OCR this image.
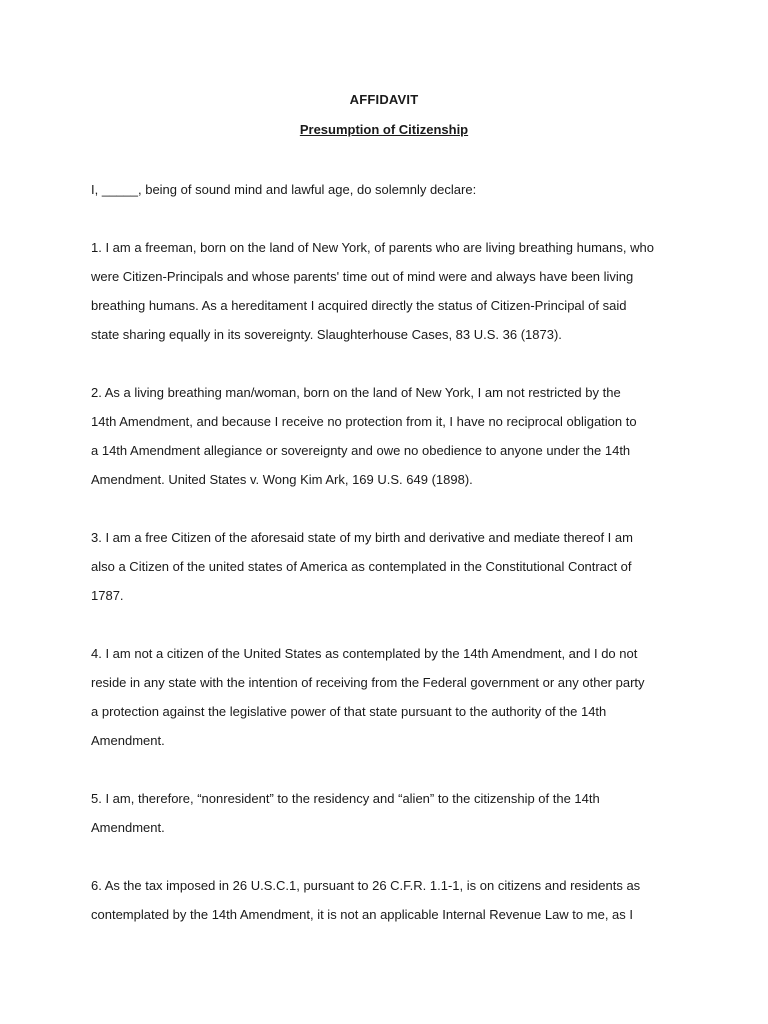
AFFIDAVIT
Presumption of Citizenship

I, _____, being of sound mind and lawful age, do solemnly declare:

1. I am a freeman, born on the land of New York, of parents who are living breathing humans, who
were Citizen-Principals and whose parents' time out of mind were and always have been living
breathing humans. As a hereditament I acquired directly the status of Citizen-Principal of said
state sharing equally in its sovereignty. Slaughterhouse Cases, 83 U.S. 36 (1873).

2. As a living breathing man/woman, born on the land of New York, I am not restricted by the
14th Amendment, and because I receive no protection from it, I have no reciprocal obligation to
a 14th Amendment allegiance or sovereignty and owe no obedience to anyone under the 14th
Amendment. United States v. Wong Kim Ark, 169 U.S. 649 (1898).

3. I am a free Citizen of the aforesaid state of my birth and derivative and mediate thereof I am
also a Citizen of the united states of America as contemplated in the Constitutional Contract of
1787.

4. I am not a citizen of the United States as contemplated by the 14th Amendment, and I do not
reside in any state with the intention of receiving from the Federal government or any other party
a protection against the legislative power of that state pursuant to the authority of the 14th
Amendment.

5. I am, therefore, “nonresident” to the residency and “alien” to the citizenship of the 14th
Amendment.

6. As the tax imposed in 26 U.S.C.1, pursuant to 26 C.F.R. 1.1-1, is on citizens and residents as
contemplated by the 14th Amendment, it is not an applicable Internal Revenue Law to me, as I
